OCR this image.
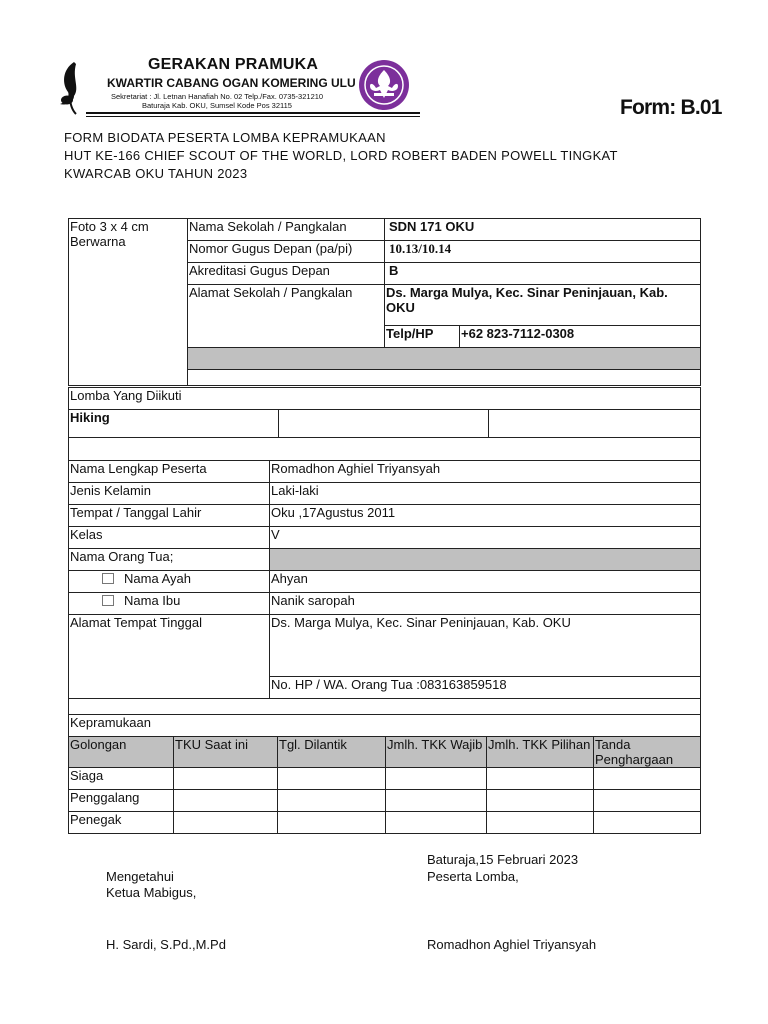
GERAKAN PRAMUKA
KWARTIR CABANG OGAN KOMERING ULU
Sekretariat : Jl. Letnan Hanafiah No. 02 Telp./Fax. 0735-321210
Baturaja Kab. OKU, Sumsel Kode Pos 32115	Form: B.01
FORM BIODATA PESERTA LOMBA KEPRAMUKAAN
HUT KE-166 CHIEF SCOUT OF THE WORLD, LORD ROBERT BADEN POWELL TINGKAT
KWARCAB OKU TAHUN 2023
Foto 3 x 4 cm Berwarna	Nama Sekolah / Pangkalan	SDN 171 OKU	
	Nomor Gugus Depan (pa/pi)	10.13/10.14	
	Akreditasi Gugus Depan	B	
	Alamat Sekolah / Pangkalan	Ds. Marga Mulya, Kec. Sinar Peninjauan, Kab. OKU	
		Telp/HP	+62 823-7112-0308

Lomba Yang Diikuti
Hiking		

Nama Lengkap Peserta	Romadhon Aghiel Triyansyah
Jenis Kelamin	Laki-laki
Tempat / Tanggal Lahir	Oku ,17Agustus 2011
Kelas	V
Nama Orang Tua;	
Nama Ayah	Ahyan
Nama Ibu	Nanik saropah
Alamat Tempat Tinggal	Ds. Marga Mulya, Kec. Sinar Peninjauan, Kab. OKU
	No. HP / WA. Orang Tua :083163859518

Kepramukaan					
Golongan	TKU Saat ini	Tgl. Dilantik	Jmlh. TKK Wajib	Jmlh. TKK Pilihan	Tanda Penghargaan
Siaga					
Penggalang					
Penegak					
Baturaja,15 Februari 2023
Mengetahui	Peserta Lomba,
Ketua Mabigus,
H. Sardi, S.Pd.,M.Pd	Romadhon Aghiel Triyansyah
